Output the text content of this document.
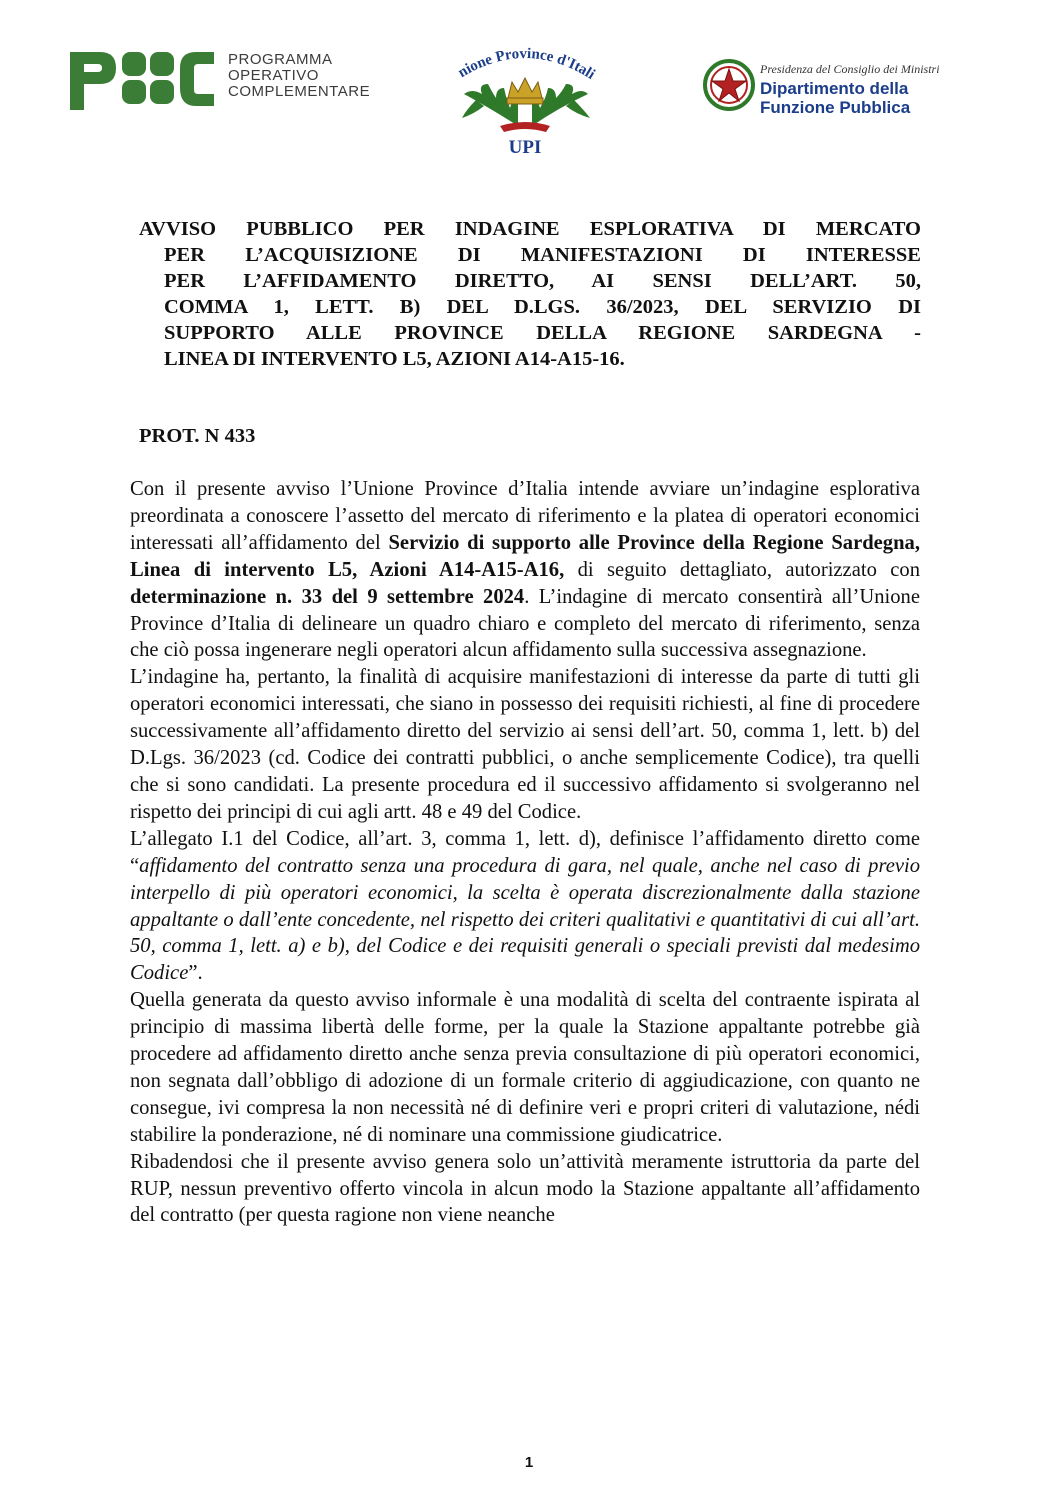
PROGRAMMA
OPERATIVO
COMPLEMENTARE
nione Province d'Itali
UPI
Presidenza del Consiglio dei Ministri
Dipartimento della
Funzione Pubblica
AVVISO PUBBLICO PER INDAGINE ESPLORATIVA DI MERCATO
PER L’ACQUISIZIONE DI MANIFESTAZIONI DI INTERESSE
PER L’AFFIDAMENTO DIRETTO, AI SENSI DELL’ART. 50,
COMMA 1, LETT. B) DEL D.LGS. 36/2023, DEL SERVIZIO DI
SUPPORTO ALLE PROVINCE DELLA REGIONE SARDEGNA -
LINEA DI INTERVENTO L5, AZIONI A14-A15-16.
PROT. N 433

Con il presente avviso l’Unione Province d’Italia intende avviare un’indagine esplorativa preordinata a conoscere l’assetto del mercato di riferimento e la platea di operatori economici interessati all’affidamento del Servizio di supporto alle Province della Regione Sardegna, Linea di intervento L5, Azioni A14-A15-A16, di seguito dettagliato, autorizzato con determinazione n. 33 del 9 settembre 2024. L’indagine di mercato consentirà all’Unione Province d’Italia di delineare un quadro chiaro e completo del mercato di riferimento, senza che ciò possa ingenerare negli operatori alcun affidamento sulla successiva assegnazione.

L’indagine ha, pertanto, la finalità di acquisire manifestazioni di interesse da parte di tutti gli operatori economici interessati, che siano in possesso dei requisiti richiesti, al fine di procedere successivamente all’affidamento diretto del servizio ai sensi dell’art. 50, comma 1, lett. b) del D.Lgs. 36/2023 (cd. Codice dei contratti pubblici, o anche semplicemente Codice), tra quelli che si sono candidati. La presente procedura ed il successivo affidamento si svolgeranno nel rispetto dei principi di cui agli artt. 48 e 49 del Codice.

L’allegato I.1 del Codice, all’art. 3, comma 1, lett. d), definisce l’affidamento diretto come “affidamento del contratto senza una procedura di gara, nel quale, anche nel caso di previo interpello di più operatori economici, la scelta è operata discrezionalmente dalla stazione appaltante o dall’ente concedente, nel rispetto dei criteri qualitativi e quantitativi di cui all’art. 50, comma 1, lett. a) e b), del Codice e dei requisiti generali o speciali previsti dal medesimo Codice”.

Quella generata da questo avviso informale è una modalità di scelta del contraente ispirata al principio di massima libertà delle forme, per la quale la Stazione appaltante potrebbe già procedere ad affidamento diretto anche senza previa consultazione di più operatori economici, non segnata dall’obbligo di adozione di un formale criterio di aggiudicazione, con quanto ne consegue, ivi compresa la non necessità né di definire veri e propri criteri di valutazione, nédi stabilire la ponderazione, né di nominare una commissione giudicatrice.

Ribadendosi che il presente avviso genera solo un’attività meramente istruttoria da parte del RUP, nessun preventivo offerto vincola in alcun modo la Stazione appaltante all’affidamento del contratto (per questa ragione non viene neanche

1
